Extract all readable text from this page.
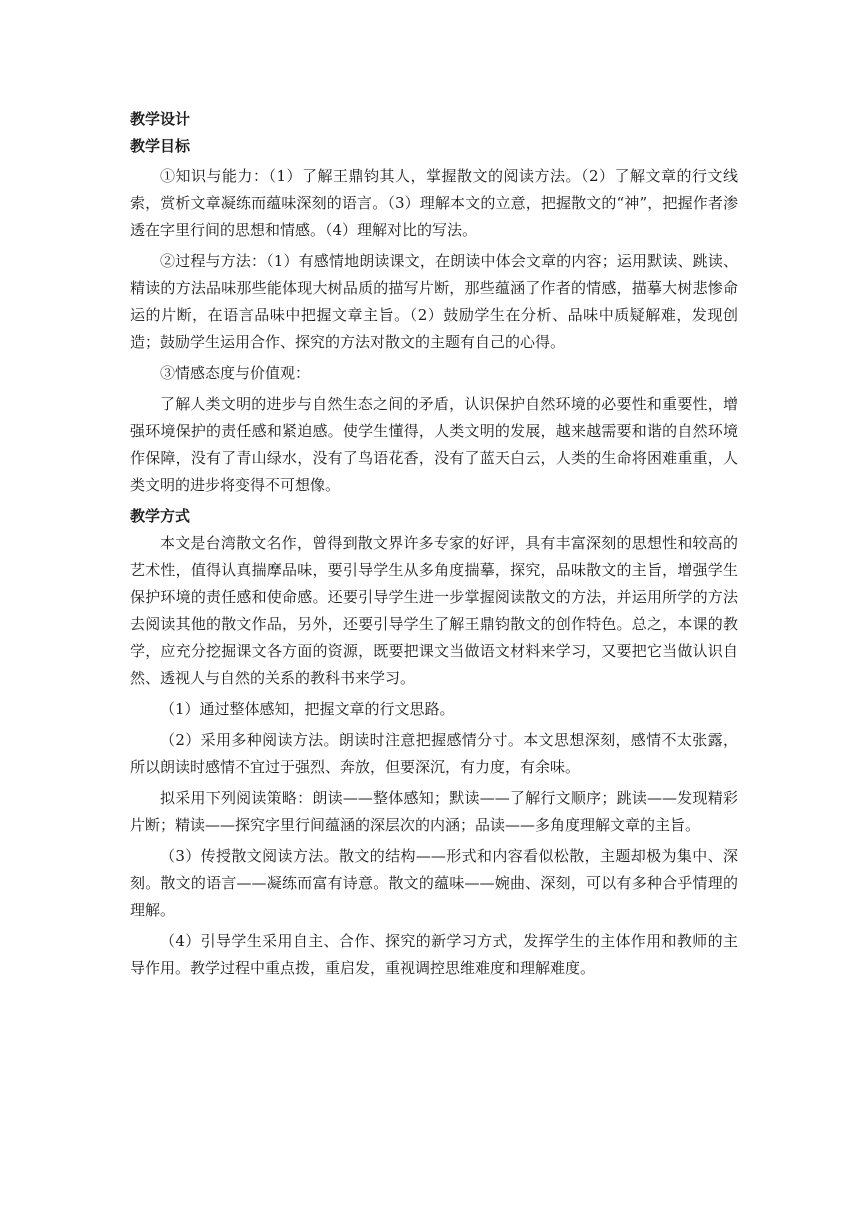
教学设计

教学目标

①知识与能力：（1）了解王鼎钧其人，掌握散文的阅读方法。（2）了解文章的行文线索，赏析文章凝练而蕴味深刻的语言。（3）理解本文的立意，把握散文的“神”，把握作者渗透在字里行间的思想和情感。（4）理解对比的写法。

②过程与方法：（1）有感情地朗读课文，在朗读中体会文章的内容；运用默读、跳读、精读的方法品味那些能体现大树品质的描写片断，那些蕴涵了作者的情感，描摹大树悲惨命运的片断，在语言品味中把握文章主旨。（2）鼓励学生在分析、品味中质疑解难，发现创造；鼓励学生运用合作、探究的方法对散文的主题有自己的心得。

③情感态度与价值观：

了解人类文明的进步与自然生态之间的矛盾，认识保护自然环境的必要性和重要性，增强环境保护的责任感和紧迫感。使学生懂得，人类文明的发展，越来越需要和谐的自然环境作保障，没有了青山绿水，没有了鸟语花香，没有了蓝天白云，人类的生命将困难重重，人类文明的进步将变得不可想像。

教学方式

本文是台湾散文名作，曾得到散文界许多专家的好评，具有丰富深刻的思想性和较高的艺术性，值得认真揣摩品味，要引导学生从多角度揣摹，探究，品味散文的主旨，增强学生保护环境的责任感和使命感。还要引导学生进一步掌握阅读散文的方法，并运用所学的方法去阅读其他的散文作品，另外，还要引导学生了解王鼎钧散文的创作特色。总之，本课的教学，应充分挖掘课文各方面的资源，既要把课文当做语文材料来学习，又要把它当做认识自然、透视人与自然的关系的教科书来学习。

（1）通过整体感知，把握文章的行文思路。

（2）采用多种阅读方法。朗读时注意把握感情分寸。本文思想深刻，感情不太张露，所以朗读时感情不宜过于强烈、奔放，但要深沉，有力度，有余味。

拟采用下列阅读策略：朗读——整体感知；默读——了解行文顺序；跳读——发现精彩片断；精读——探究字里行间蕴涵的深层次的内涵；品读——多角度理解文章的主旨。

（3）传授散文阅读方法。散文的结构——形式和内容看似松散，主题却极为集中、深刻。散文的语言——凝练而富有诗意。散文的蕴味——婉曲、深刻，可以有多种合乎情理的理解。

（4）引导学生采用自主、合作、探究的新学习方式，发挥学生的主体作用和教师的主导作用。教学过程中重点拨，重启发，重视调控思维难度和理解难度。
